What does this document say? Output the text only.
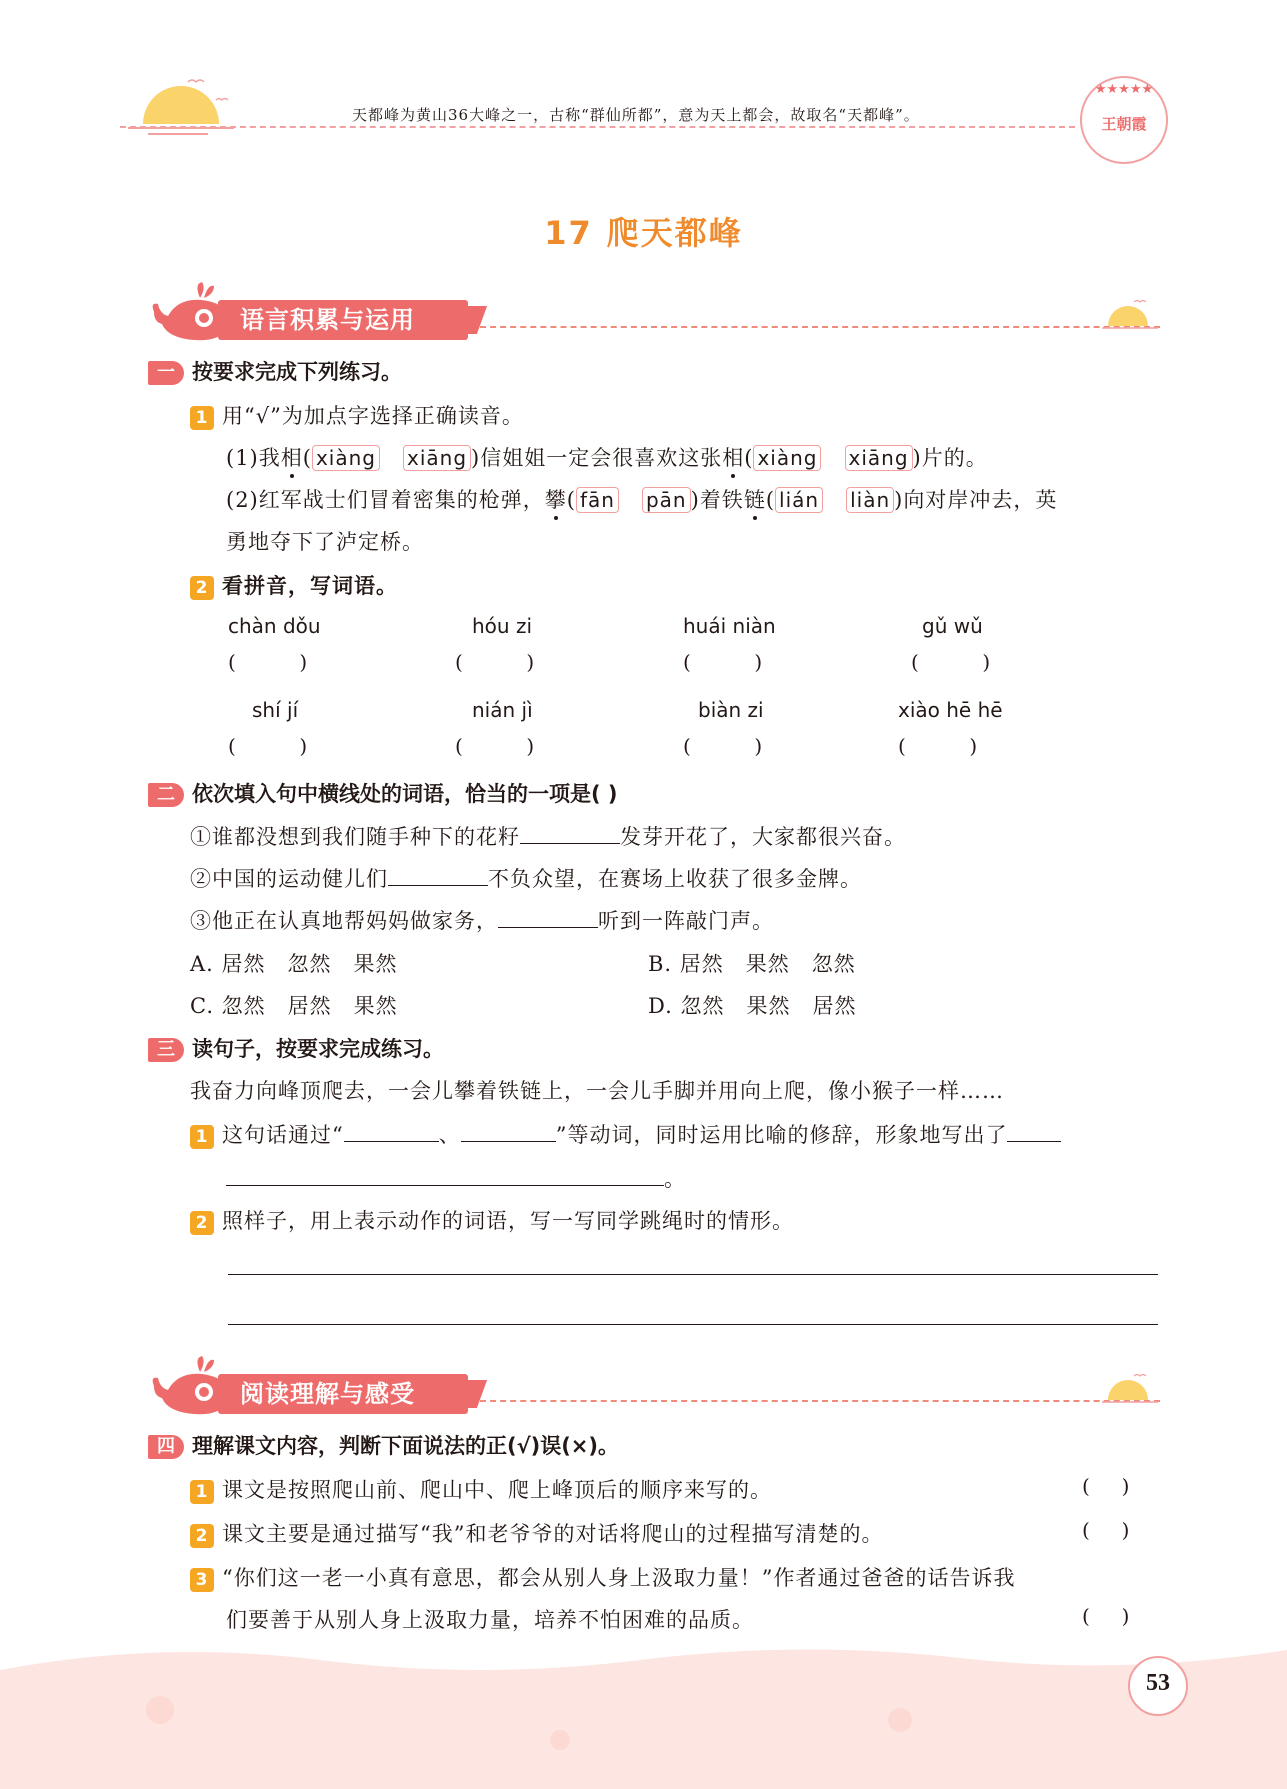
天都峰为黄山36大峰之一，古称“群仙所都”，意为天上都会，故取名“天都峰”。
★★★★★
王朝霞
17 爬天都峰
语言积累与运用
一 按要求完成下列练习。
1 用“√”为加点字选择正确读音。
(1)我相( xiàng xiāng )信姐姐一定会很喜欢这张相( xiàng xiāng )片的。
(2)红军战士们冒着密集的枪弹，攀( fān pān )着铁链( lián liàn )向对岸冲去，英
勇地夺下了泸定桥。
2 看拼音，写词语。
chàn dǒu	hóu zi	huái niàn	gǔ wǔ
(          )	(          )	(          )	(          )
shí jí	nián jì	biàn zi	xiào hē hē
(          )	(          )	(          )	(          )
二 依次填入句中横线处的词语，恰当的一项是( )
①谁都没想到我们随手种下的花籽	发芽开花了，大家都很兴奋。
②中国的运动健儿们	不负众望，在赛场上收获了很多金牌。
③他正在认真地帮妈妈做家务，	听到一阵敲门声。
A. 居然　忽然　果然	B. 居然　果然　忽然
C. 忽然　居然　果然	D. 忽然　果然　居然
三 读句子，按要求完成练习。
我奋力向峰顶爬去，一会儿攀着铁链上，一会儿手脚并用向上爬，像小猴子一样……
1 这句话通过“	、	”等动词，同时运用比喻的修辞，形象地写出了
。
2 照样子，用上表示动作的词语，写一写同学跳绳时的情形。
阅读理解与感受
四 理解课文内容，判断下面说法的正(√)误(×)。
1 课文是按照爬山前、爬山中、爬上峰顶后的顺序来写的。	(     )
2 课文主要是通过描写“我”和老爷爷的对话将爬山的过程描写清楚的。	(     )
3 “你们这一老一小真有意思，都会从别人身上汲取力量！”作者通过爸爸的话告诉我
们要善于从别人身上汲取力量，培养不怕困难的品质。	(     )
53
